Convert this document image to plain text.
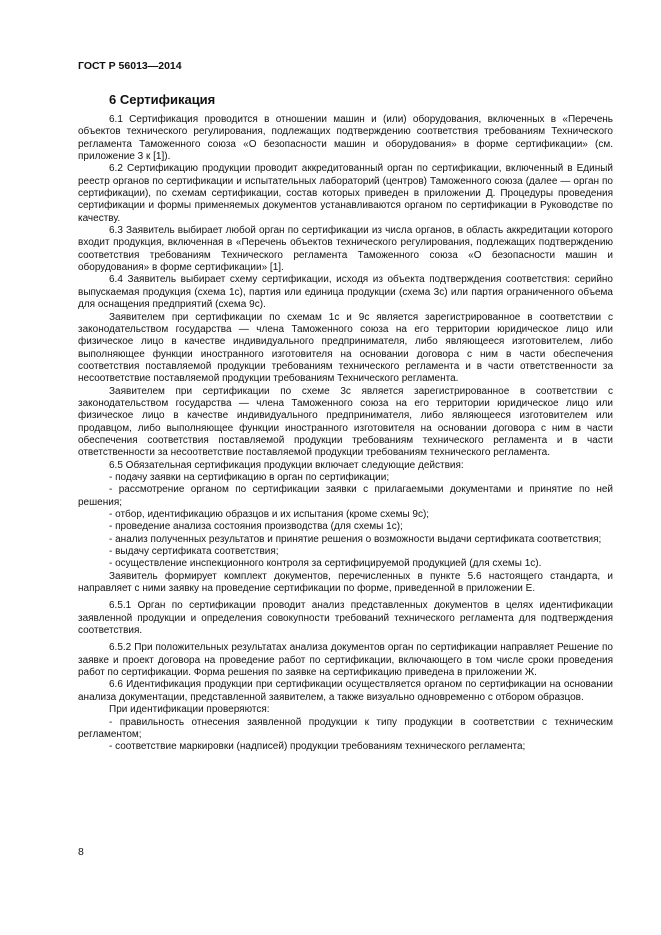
ГОСТ Р 56013—2014
6 Сертификация

6.1 Сертификация проводится в отношении машин и (или) оборудования, включенных в «Перечень объектов технического регулирования, подлежащих подтверждению соответствия требованиям Технического регламента Таможенного союза «О безопасности машин и оборудования» в форме сертификации» (см. приложение 3 к [1]).

6.2 Сертификацию продукции проводит аккредитованный орган по сертификации, включенный в Единый реестр органов по сертификации и испытательных лабораторий (центров) Таможенного союза (далее — орган по сертификации), по схемам сертификации, состав которых приведен в приложении Д. Процедуры проведения сертификации и формы применяемых документов устанавливаются органом по сертификации в Руководстве по качеству.

6.3 Заявитель выбирает любой орган по сертификации из числа органов, в область аккредитации которого входит продукция, включенная в «Перечень объектов технического регулирования, подлежащих подтверждению соответствия требованиям Технического регламента Таможенного союза «О безопасности машин и оборудования» в форме сертификации» [1].

6.4 Заявитель выбирает схему сертификации, исходя из объекта подтверждения соответствия: серийно выпускаемая продукция (схема 1с), партия или единица продукции (схема 3с) или партия ограниченного объема для оснащения предприятий (схема 9с).

Заявителем при сертификации по схемам 1с и 9с является зарегистрированное в соответствии с законодательством государства — члена Таможенного союза на его территории юридическое лицо или физическое лицо в качестве индивидуального предпринимателя, либо являющееся изготовителем, либо выполняющее функции иностранного изготовителя на основании договора с ним в части обеспечения соответствия поставляемой продукции требованиям технического регламента и в части ответственности за несоответствие поставляемой продукции требованиям Технического регламента.

Заявителем при сертификации по схеме 3с является зарегистрированное в соответствии с законодательством государства — члена Таможенного союза на его территории юридическое лицо или физическое лицо в качестве индивидуального предпринимателя, либо являющееся изготовителем или продавцом, либо выполняющее функции иностранного изготовителя на основании договора с ним в части обеспечения соответствия поставляемой продукции требованиям технического регламента и в части ответственности за несоответствие поставляемой продукции требованиям технического регламента.

6.5 Обязательная сертификация продукции включает следующие действия:

- подачу заявки на сертификацию в орган по сертификации;

- рассмотрение органом по сертификации заявки с прилагаемыми документами и принятие по ней решения;

- отбор, идентификацию образцов и их испытания (кроме схемы 9с);

- проведение анализа состояния производства (для схемы 1с);

- анализ полученных результатов и принятие решения о возможности выдачи сертификата соответствия;

- выдачу сертификата соответствия;

- осуществление инспекционного контроля за сертифицируемой продукцией (для схемы 1с).

Заявитель формирует комплект документов, перечисленных в пункте 5.6 настоящего стандарта, и направляет с ними заявку на проведение сертификации по форме, приведенной в приложении Е.

6.5.1 Орган по сертификации проводит анализ представленных документов в целях идентификации заявленной продукции и определения совокупности требований технического регламента для подтверждения соответствия.

6.5.2 При положительных результатах анализа документов орган по сертификации направляет Решение по заявке и проект договора на проведение работ по сертификации, включающего в том числе сроки проведения работ по сертификации. Форма решения по заявке на сертификацию приведена в приложении Ж.

6.6 Идентификация продукции при сертификации осуществляется органом по сертификации на основании анализа документации, представленной заявителем, а также визуально одновременно с отбором образцов.

При идентификации проверяются:

- правильность отнесения заявленной продукции к типу продукции в соответствии с техническим регламентом;

- соответствие маркировки (надписей) продукции требованиям технического регламента;

8
